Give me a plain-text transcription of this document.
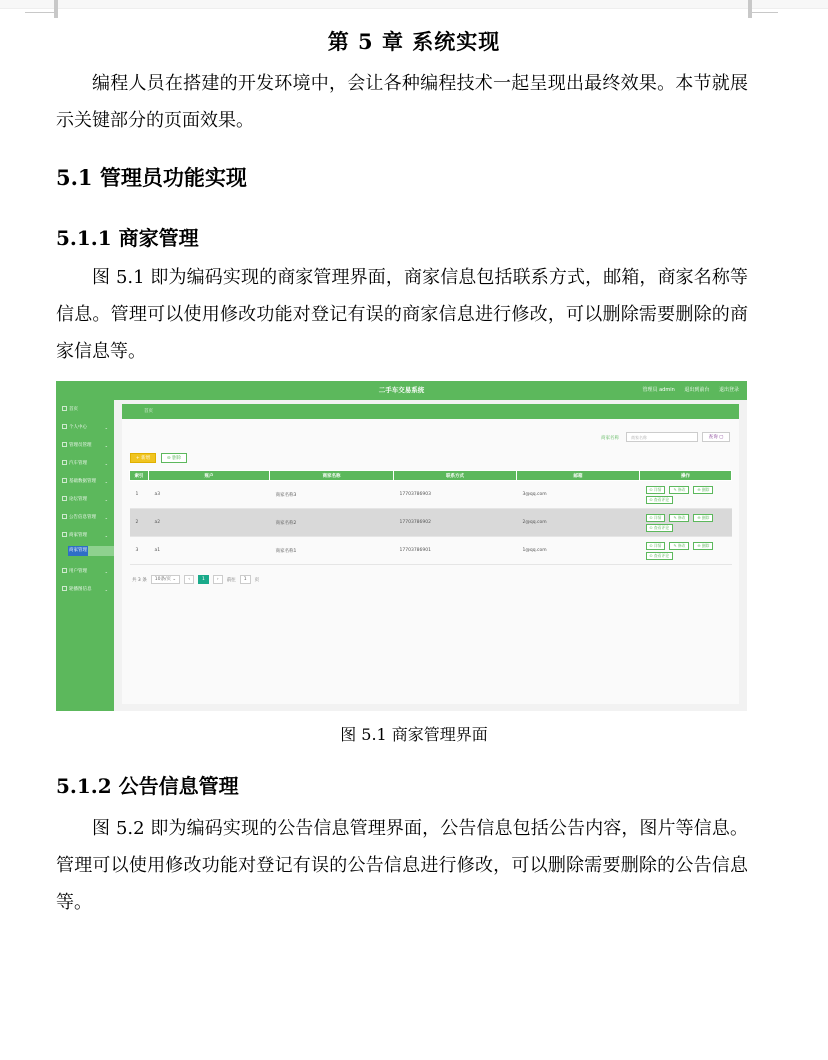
第 5 章 系统实现
编程人员在搭建的开发环境中，会让各种编程技术一起呈现出最终效果。本节就展示关键部分的页面效果。
5.1 管理员功能实现
5.1.1 商家管理
图 5.1 即为编码实现的商家管理界面，商家信息包括联系方式，邮箱，商家名称等信息。管理可以使用修改功能对登记有误的商家信息进行修改，可以删除需要删除的商家信息等。
二手车交易系统	管理员 admin 退出到前台 退出登录
首页
个人中心	⌄
管理员管理	⌄
汽车管理	⌄
基础数据管理 ⌄
论坛管理	⌄
公告信息管理 ⌄
商家管理	⌄
商家管理
用户管理	⌄
轮播图信息	⌄
首页
商家名称	商家名称	查询 ▢
+ 新增	⊖ 删除
索引	账户	商家名称	联系方式	邮箱	操作
1	a3	商家名称3	17703786903	3@qq.com	⊙ 详情 ✎ 修改 ⊖ 删除
⊙ 查看评论

2	a2	商家名称2	17703786902	2@qq.com	⊙ 详情 ✎ 修改 ⊖ 删除
⊙ 查看评论

3	a1	商家名称1	17703786901	1@qq.com	⊙ 详情 ✎ 修改 ⊖ 删除
⊙ 查看评论
共 3 条	10条/页 ⌄	‹	1	›	前往	1	页
图 5.1 商家管理界面
5.1.2 公告信息管理
图 5.2 即为编码实现的公告信息管理界面，公告信息包括公告内容，图片等信息。管理可以使用修改功能对登记有误的公告信息进行修改，可以删除需要删除的公告信息等。
